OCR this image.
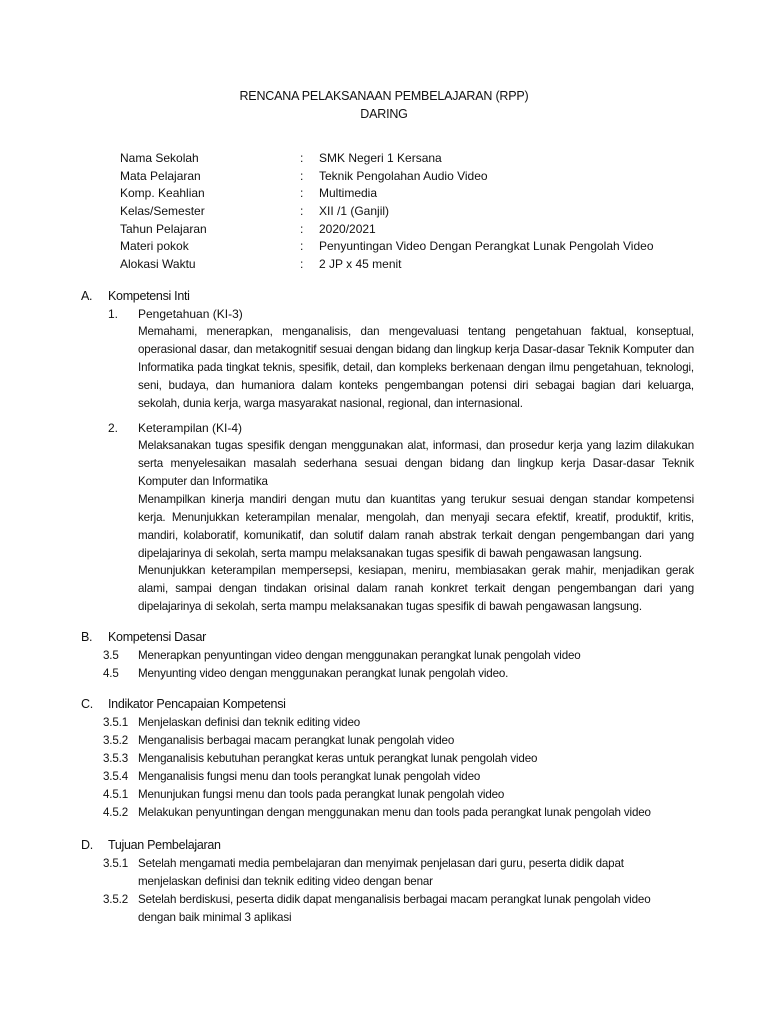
RENCANA PELAKSANAAN PEMBELAJARAN (RPP)
DARING
Nama Sekolah	:	SMK Negeri 1 Kersana
Mata Pelajaran	:	Teknik Pengolahan Audio Video
Komp. Keahlian	:	Multimedia
Kelas/Semester	:	XII /1 (Ganjil)
Tahun Pelajaran	:	2020/2021
Materi pokok	:	Penyuntingan Video Dengan Perangkat Lunak Pengolah Video
Alokasi Waktu	:	2 JP x 45 menit
A. Kompetensi Inti
1. Pengetahuan (KI-3)
Memahami, menerapkan, menganalisis, dan mengevaluasi tentang pengetahuan faktual, konseptual, operasional dasar, dan metakognitif sesuai dengan bidang dan lingkup kerja Dasar-dasar Teknik Komputer dan Informatika pada tingkat teknis, spesifik, detail, dan kompleks berkenaan dengan ilmu pengetahuan, teknologi, seni, budaya, dan humaniora dalam konteks pengembangan potensi diri sebagai bagian dari keluarga, sekolah, dunia kerja, warga masyarakat nasional, regional, dan internasional.
2. Keterampilan (KI-4)
Melaksanakan tugas spesifik dengan menggunakan alat, informasi, dan prosedur kerja yang lazim dilakukan serta menyelesaikan masalah sederhana sesuai dengan bidang dan lingkup kerja Dasar-dasar Teknik Komputer dan Informatika
Menampilkan kinerja mandiri dengan mutu dan kuantitas yang terukur sesuai dengan standar kompetensi kerja. Menunjukkan keterampilan menalar, mengolah, dan menyaji secara efektif, kreatif, produktif, kritis, mandiri, kolaboratif, komunikatif, dan solutif dalam ranah abstrak terkait dengan pengembangan dari yang dipelajarinya di sekolah, serta mampu melaksanakan tugas spesifik di bawah pengawasan langsung.
Menunjukkan keterampilan mempersepsi, kesiapan, meniru, membiasakan gerak mahir, menjadikan gerak alami, sampai dengan tindakan orisinal dalam ranah konkret terkait dengan pengembangan dari yang dipelajarinya di sekolah, serta mampu melaksanakan tugas spesifik di bawah pengawasan langsung.
B. Kompetensi Dasar
3.5 Menerapkan penyuntingan video dengan menggunakan perangkat lunak pengolah video
4.5 Menyunting video dengan menggunakan perangkat lunak pengolah video.
C. Indikator Pencapaian Kompetensi
3.5.1 Menjelaskan definisi dan teknik editing video
3.5.2 Menganalisis berbagai macam perangkat lunak pengolah video
3.5.3 Menganalisis kebutuhan perangkat keras untuk perangkat lunak pengolah video
3.5.4 Menganalisis fungsi menu dan tools perangkat lunak pengolah video
4.5.1 Menunjukan fungsi menu dan tools pada perangkat lunak pengolah video
4.5.2 Melakukan penyuntingan dengan menggunakan menu dan tools pada perangkat lunak pengolah video
D. Tujuan Pembelajaran
3.5.1 Setelah mengamati media pembelajaran dan menyimak penjelasan dari guru, peserta didik dapat menjelaskan definisi dan teknik editing video dengan benar
3.5.2 Setelah berdiskusi, peserta didik dapat menganalisis berbagai macam perangkat lunak pengolah video dengan baik minimal 3 aplikasi
